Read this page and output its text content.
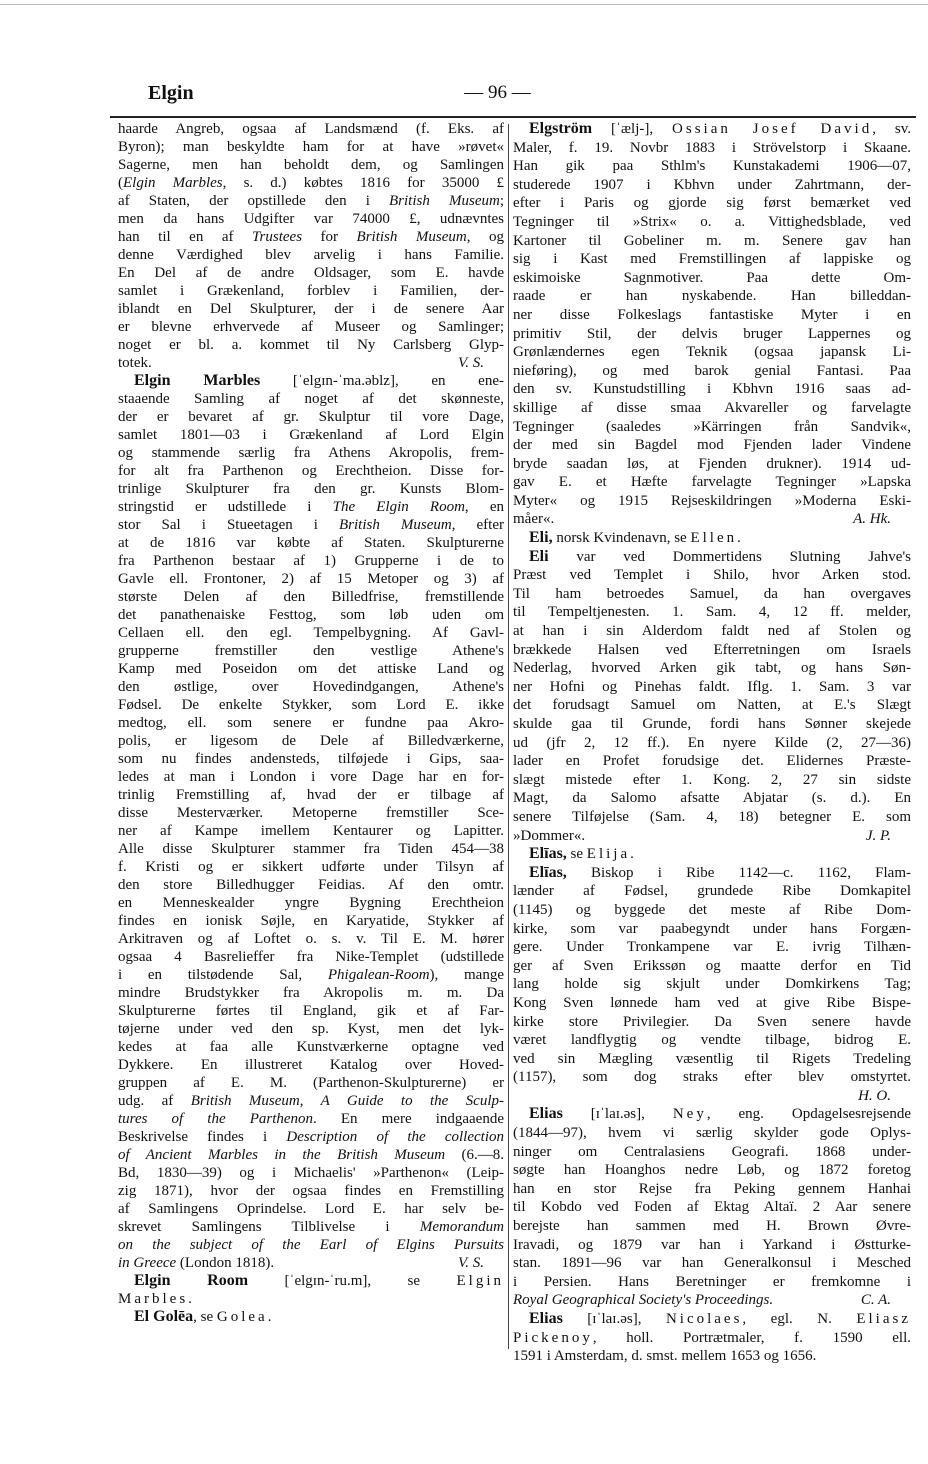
Elgin	— 96 —
haarde Angreb, ogsaa af Landsmænd (f. Eks. af
Byron); man beskyldte ham for at have »røvet«
Sagerne, men han beholdt dem, og Samlingen
(Elgin Marbles, s. d.) købtes 1816 for 35000 £
af Staten, der opstillede den i British Museum;
men da hans Udgifter var 74000 £, udnævntes
han til en af Trustees for British Museum, og
denne Værdighed blev arvelig i hans Familie.
En Del af de andre Oldsager, som E. havde
samlet i Grækenland, forblev i Familien, der-
iblandt en Del Skulpturer, der i de senere Aar
er blevne erhvervede af Museer og Samlinger;
noget er bl. a. kommet til Ny Carlsberg Glyp-
totek.	V. S.
Elgin Marbles [ˈelgɪn-ˈma.əblz], en ene-
staaende Samling af noget af det skønneste,
der er bevaret af gr. Skulptur til vore Dage,
samlet 1801—03 i Grækenland af Lord Elgin
og stammende særlig fra Athens Akropolis, frem-
for alt fra Parthenon og Erechtheion. Disse for-
trinlige Skulpturer fra den gr. Kunsts Blom-
stringstid er udstillede i The Elgin Room, en
stor Sal i Stueetagen i British Museum, efter
at de 1816 var købte af Staten. Skulpturerne
fra Parthenon bestaar af 1) Grupperne i de to
Gavle ell. Frontoner, 2) af 15 Metoper og 3) af
største Delen af den Billedfrise, fremstillende
det panathenaiske Festtog, som løb uden om
Cellaen ell. den egl. Tempelbygning. Af Gavl-
grupperne fremstiller den vestlige Athene's
Kamp med Poseidon om det attiske Land og
den østlige, over Hovedindgangen, Athene's
Fødsel. De enkelte Stykker, som Lord E. ikke
medtog, ell. som senere er fundne paa Akro-
polis, er ligesom de Dele af Billedværkerne,
som nu findes andensteds, tilføjede i Gips, saa-
ledes at man i London i vore Dage har en for-
trinlig Fremstilling af, hvad der er tilbage af
disse Mesterværker. Metoperne fremstiller Sce-
ner af Kampe imellem Kentaurer og Lapitter.
Alle disse Skulpturer stammer fra Tiden 454—38
f. Kristi og er sikkert udførte under Tilsyn af
den store Billedhugger Feidias. Af den omtr.
en Menneskealder yngre Bygning Erechtheion
findes en ionisk Søjle, en Karyatide, Stykker af
Arkitraven og af Loftet o. s. v. Til E. M. hører
ogsaa 4 Basrelieffer fra Nike-Templet (udstillede
i en tilstødende Sal, Phigalean-Room), mange
mindre Brudstykker fra Akropolis m. m. Da
Skulpturerne førtes til England, gik et af Far-
tøjerne under ved den sp. Kyst, men det lyk-
kedes at faa alle Kunstværkerne optagne ved
Dykkere. En illustreret Katalog over Hoved-
gruppen af E. M. (Parthenon-Skulpturerne) er
udg. af British Museum, A Guide to the Sculp-
tures of the Parthenon. En mere indgaaende
Beskrivelse findes i Description of the collection
of Ancient Marbles in the British Museum (6.—8.
Bd, 1830—39) og i Michaelis' »Parthenon« (Leip-
zig 1871), hvor der ogsaa findes en Fremstilling
af Samlingens Oprindelse. Lord E. har selv be-
skrevet Samlingens Tilblivelse i Memorandum
on the subject of the Earl of Elgins Pursuits
in Greece (London 1818).	V. S.
Elgin Room [ˈelgɪn-ˈru.m], se Elgin
Marbles.
El Golēa, se Golea.
Elgström [ˈælj-], Ossian Josef David, sv.
Maler, f. 19. Novbr 1883 i Strövelstorp i Skaane.
Han gik paa Sthlm's Kunstakademi 1906—07,
studerede 1907 i Kbhvn under Zahrtmann, der-
efter i Paris og gjorde sig først bemærket ved
Tegninger til »Strix« o. a. Vittighedsblade, ved
Kartoner til Gobeliner m. m. Senere gav han
sig i Kast med Fremstillingen af lappiske og
eskimoiske Sagnmotiver. Paa dette Om-
raade er han nyskabende. Han billeddan-
ner disse Folkeslags fantastiske Myter i en
primitiv Stil, der delvis bruger Lappernes og
Grønlændernes egen Teknik (ogsaa japansk Li-
nieføring), og med barok genial Fantasi. Paa
den sv. Kunstudstilling i Kbhvn 1916 saas ad-
skillige af disse smaa Akvareller og farvelagte
Tegninger (saaledes »Kärringen från Sandvik«,
der med sin Bagdel mod Fjenden lader Vindene
bryde saadan løs, at Fjenden drukner). 1914 ud-
gav E. et Hæfte farvelagte Tegninger »Lapska
Myter« og 1915 Rejseskildringen »Moderna Eski-
måer«.	A. Hk.
Eli, norsk Kvindenavn, se Ellen.
Eli var ved Dommertidens Slutning Jahve's
Præst ved Templet i Shilo, hvor Arken stod.
Til ham betroedes Samuel, da han overgaves
til Tempeltjenesten. 1. Sam. 4, 12 ff. melder,
at han i sin Alderdom faldt ned af Stolen og
brækkede Halsen ved Efterretningen om Israels
Nederlag, hvorved Arken gik tabt, og hans Søn-
ner Hofni og Pinehas faldt. Iflg. 1. Sam. 3 var
det forudsagt Samuel om Natten, at E.'s Slægt
skulde gaa til Grunde, fordi hans Sønner skejede
ud (jfr 2, 12 ff.). En nyere Kilde (2, 27—36)
lader en Profet forudsige det. Elidernes Præste-
slægt mistede efter 1. Kong. 2, 27 sin sidste
Magt, da Salomo afsatte Abjatar (s. d.). En
senere Tilføjelse (Sam. 4, 18) betegner E. som
»Dommer«.	J. P.
Elīas, se Elija.
Elīas, Biskop i Ribe 1142—c. 1162, Flam-
lænder af Fødsel, grundede Ribe Domkapitel
(1145) og byggede det meste af Ribe Dom-
kirke, som var paabegyndt under hans Forgæn-
gere. Under Tronkampene var E. ivrig Tilhæn-
ger af Sven Erikssøn og maatte derfor en Tid
lang holde sig skjult under Domkirkens Tag;
Kong Sven lønnede ham ved at give Ribe Bispe-
kirke store Privilegier. Da Sven senere havde
været landflygtig og vendte tilbage, bidrog E.
ved sin Mægling væsentlig til Rigets Tredeling
(1157), som dog straks efter blev omstyrtet.
H. O.
Elias [ɪˈlaɪ.əs], Ney, eng. Opdagelsesrejsende
(1844—97), hvem vi særlig skylder gode Oplys-
ninger om Centralasiens Geografi. 1868 under-
søgte han Hoanghos nedre Løb, og 1872 foretog
han en stor Rejse fra Peking gennem Hanhai
til Kobdo ved Foden af Ektag Altaï. 2 Aar senere
berejste han sammen med H. Brown Øvre-
Iravadi, og 1879 var han i Yarkand i Østturke-
stan. 1891—96 var han Generalkonsul i Mesched
i Persien. Hans Beretninger er fremkomne i
Royal Geographical Society's Proceedings.	C. A.
Elias [ɪˈlaɪ.əs], Nicolaes, egl. N. Eliasz
Pickenoy, holl. Portrætmaler, f. 1590 ell.
1591 i Amsterdam, d. smst. mellem 1653 og 1656.
